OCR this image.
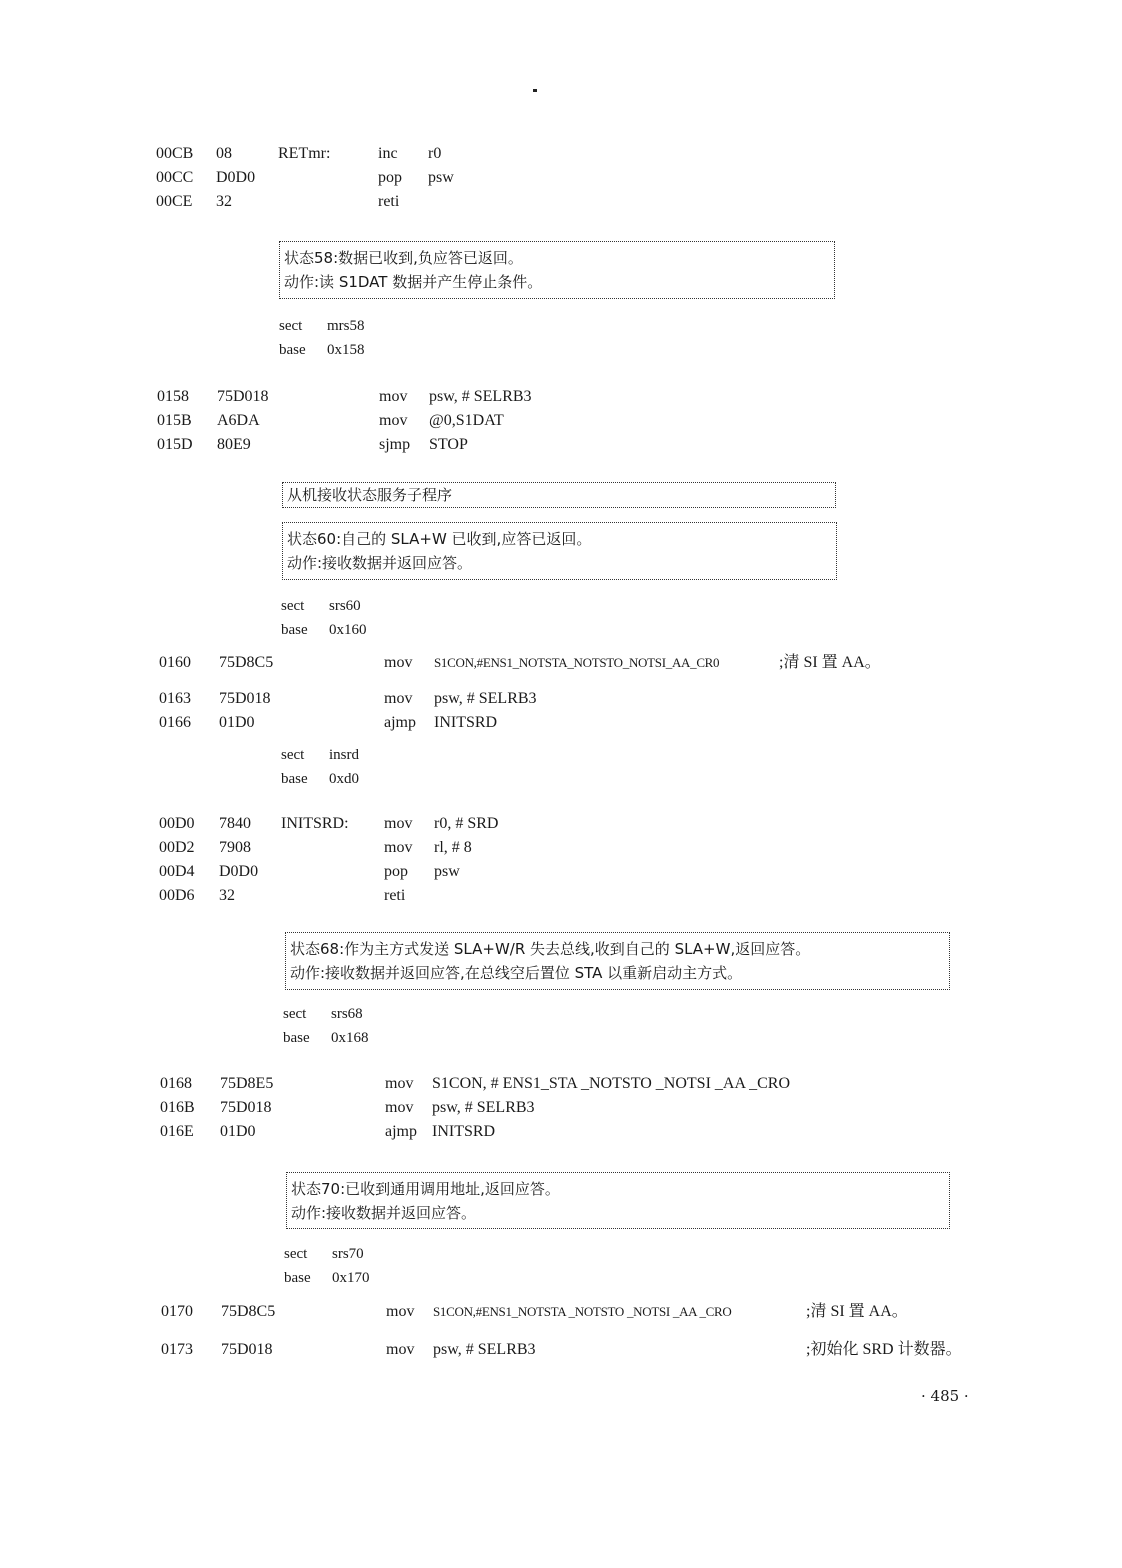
00CB 08	RETmr:	inc r0
00CC D0D0	pop psw
00CE 32	reti
状态58:数据已收到,负应答已返回。
动作:读 S1DAT 数据并产生停止条件。
sect mrs58
base 0x158
0158 75D018	mov psw, # SELRB3
015B A6DA	mov @0,S1DAT
015D 80E9	sjmp STOP
从机接收状态服务子程序
状态60:自己的 SLA+W 已收到,应答已返回。
动作:接收数据并返回应答。
sect srs60
base 0x160
0160 75D8C5	mov S1CON,#ENS1_NOTSTA_NOTSTO_NOTSI_AA_CR0	;清 SI 置 AA。
0163 75D018	mov psw, # SELRB3
0166 01D0	ajmp INITSRD
sect insrd
base 0xd0
00D0 7840 INITSRD: mov r0, # SRD
00D2 7908	mov rl, # 8
00D4 D0D0	pop psw
00D6 32	reti
状态68:作为主方式发送 SLA+W/R 失去总线,收到自己的 SLA+W,返回应答。
动作:接收数据并返回应答,在总线空后置位 STA 以重新启动主方式。
sect srs68
base 0x168
0168 75D8E5	mov S1CON, # ENS1_STA _NOTSTO _NOTSI _AA _CRO
016B 75D018	mov psw, # SELRB3
016E 01D0	ajmp INITSRD
状态70:已收到通用调用地址,返回应答。
动作:接收数据并返回应答。
sect srs70
base 0x170
0170 75D8C5	mov S1CON,#ENS1_NOTSTA _NOTSTO _NOTSI _AA _CRO	;清 SI 置 AA。
0173 75D018	mov psw, # SELRB3	;初始化 SRD 计数器。
· 485 ·
